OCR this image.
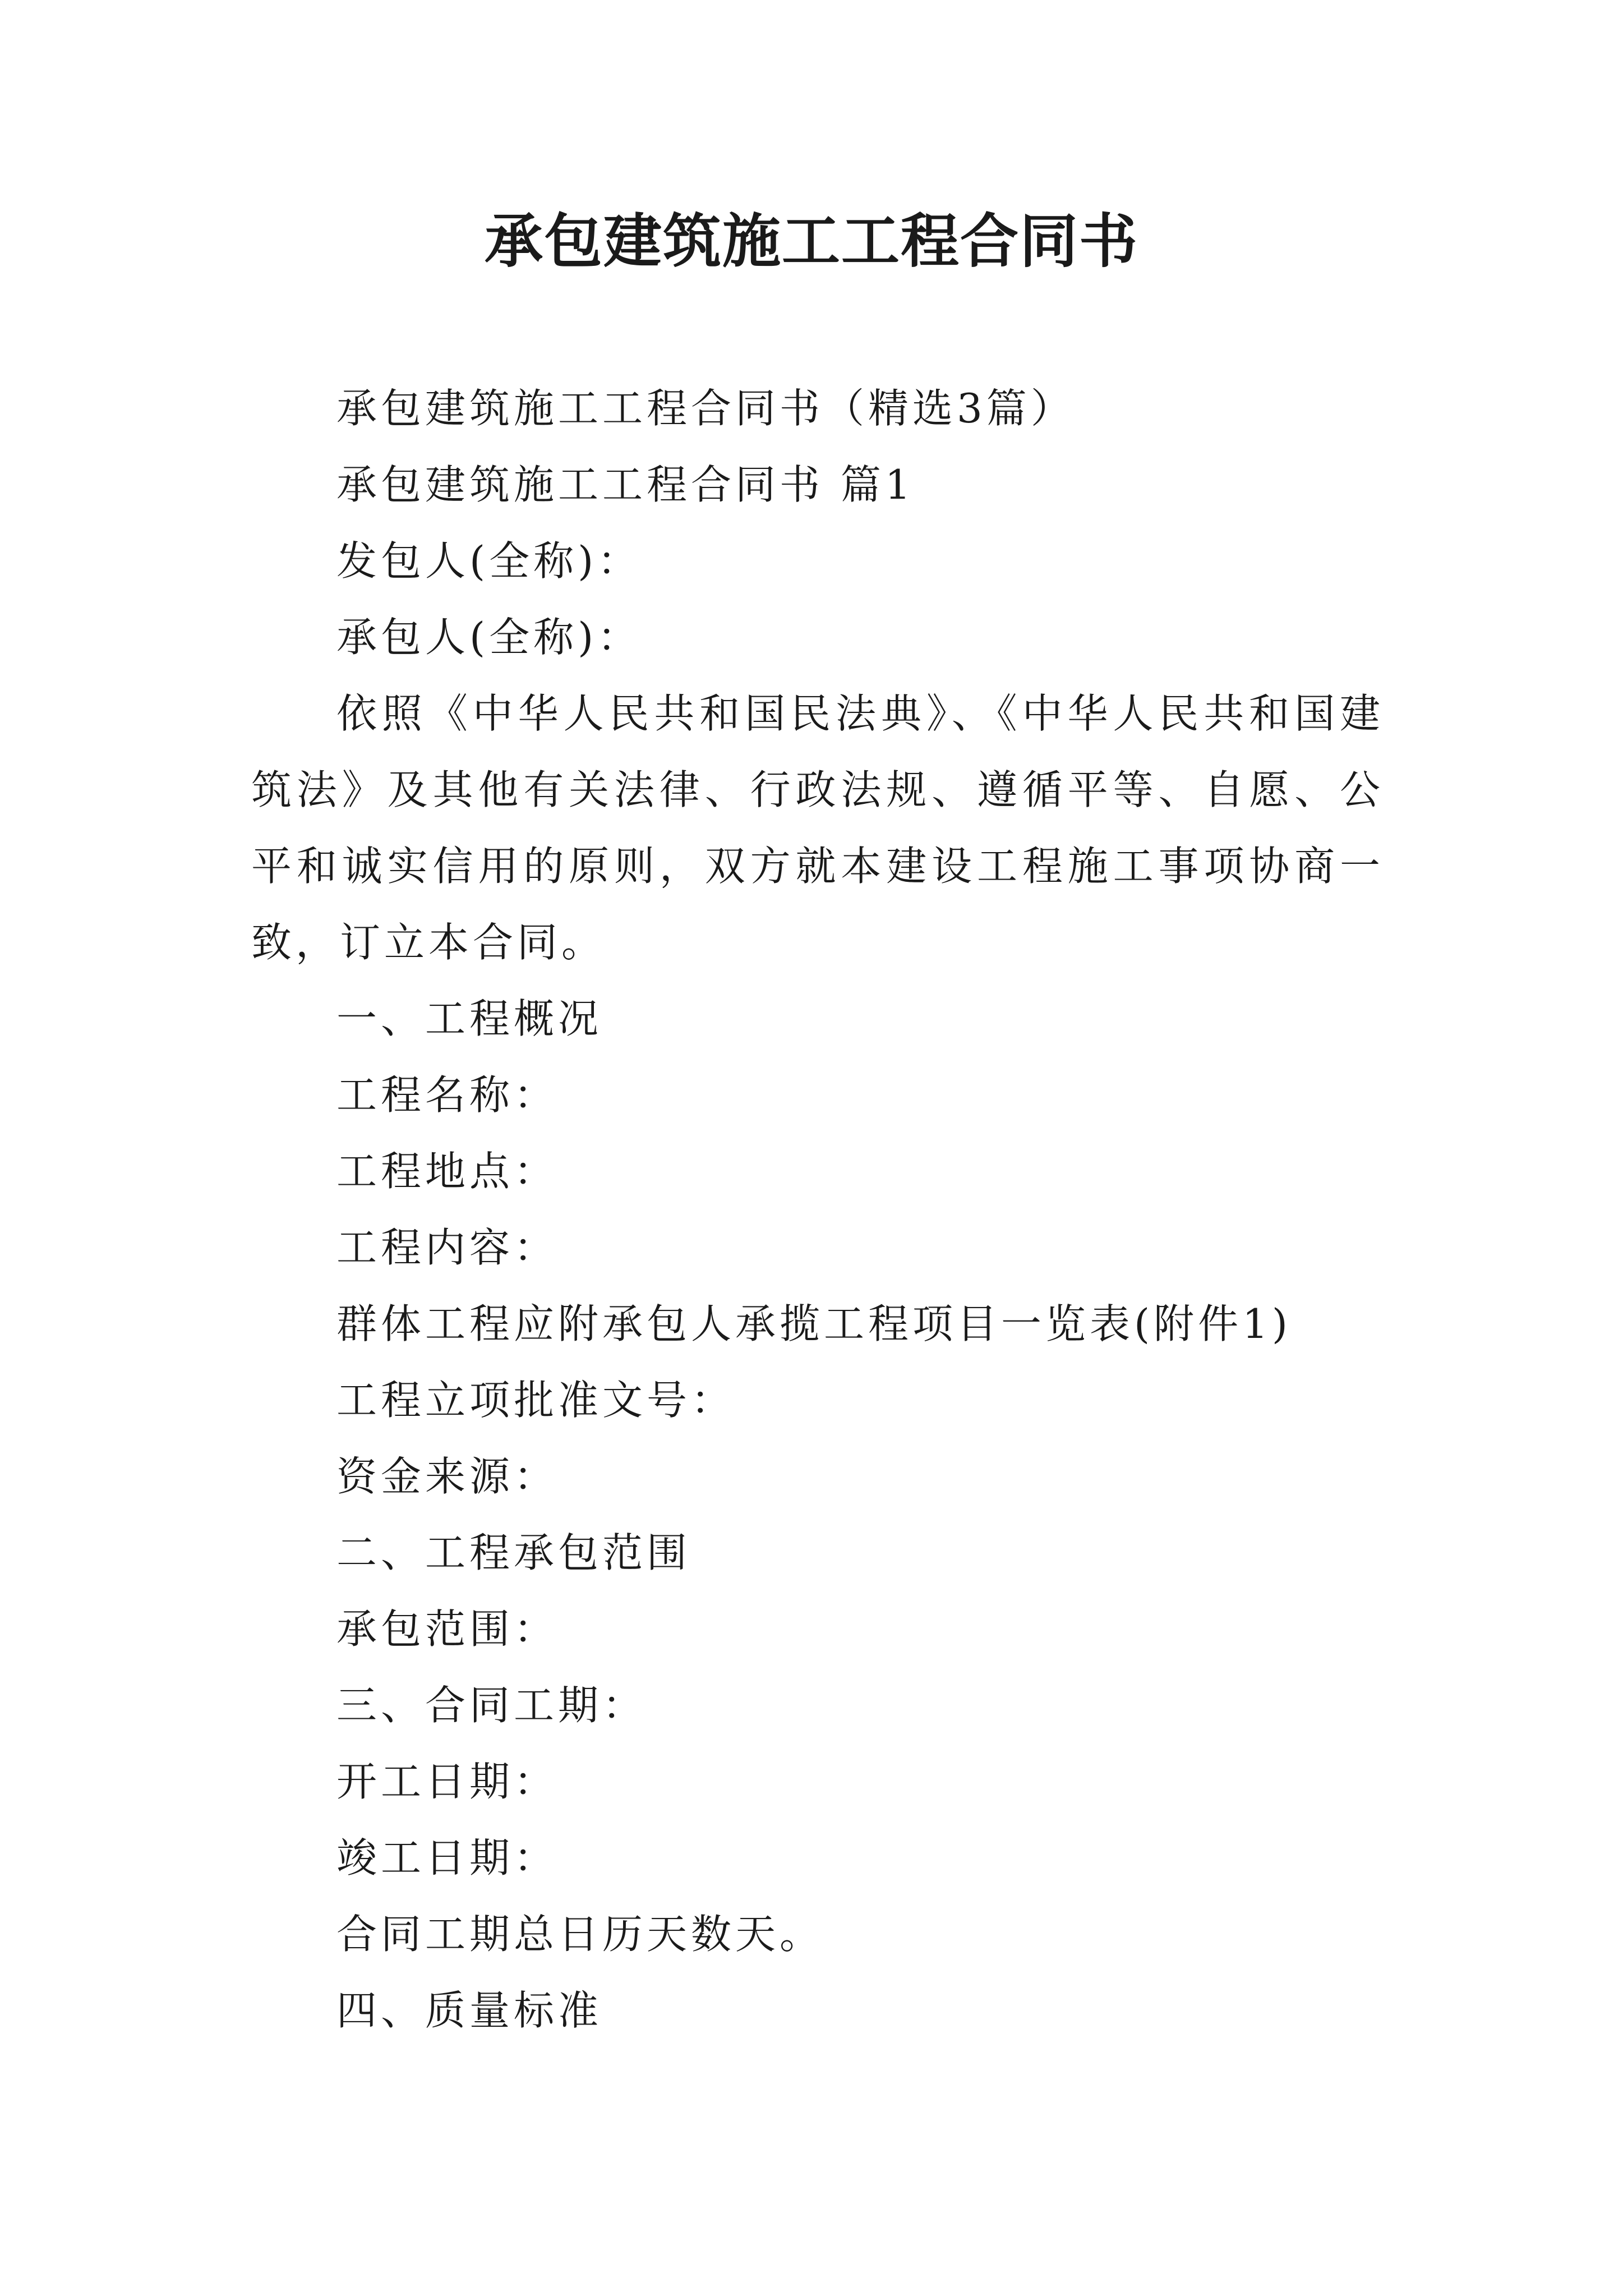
承包建筑施工工程合同书

承包建筑施工工程合同书（精选3篇）

承包建筑施工工程合同书 篇1

发包人(全称)：

承包人(全称)：

依照《中华人民共和国民法典》、《中华人民共和国建筑法》及其他有关法律、行政法规、遵循平等、自愿、公平和诚实信用的原则，双方就本建设工程施工事项协商一致，订立本合同。

一、工程概况

工程名称：

工程地点：

工程内容：

群体工程应附承包人承揽工程项目一览表(附件1)

工程立项批准文号：

资金来源：

二、工程承包范围

承包范围：

三、合同工期：

开工日期：

竣工日期：

合同工期总日历天数天。

四、质量标准
